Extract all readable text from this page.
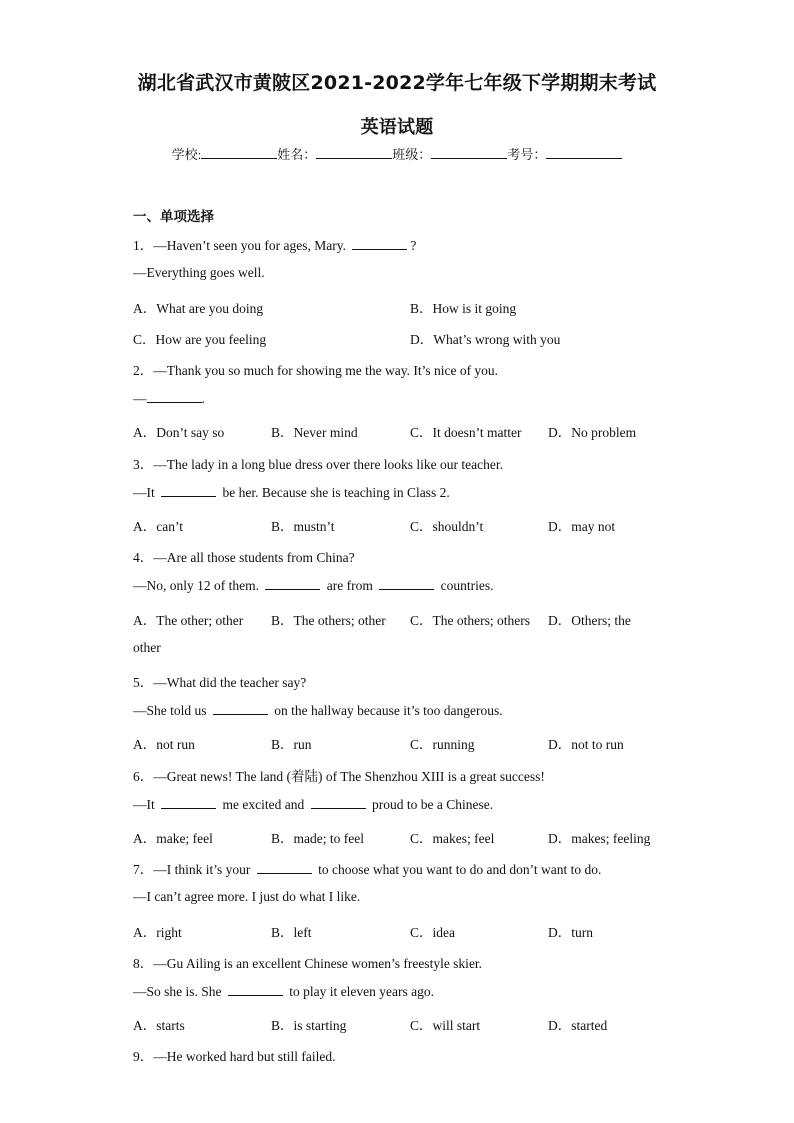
湖北省武汉市黄陂区2021-2022学年七年级下学期期末考试
英语试题
学校:	姓名：	班级：	考号：
一、单项选择
1．—Haven’t seen you for ages, Mary.	?
—Everything goes well.
A．What are you doing	B．How is it going
C．How are you feeling	D．What’s wrong with you
2．—Thank you so much for showing me the way. It’s nice of you.
—	.
A．Don’t say so	B．Never mind	C．It doesn’t matter D．No problem
3．—The lady in a long blue dress over there looks like our teacher.
—It	be her. Because she is teaching in Class 2.
A．can’t	B．mustn’t	C．shouldn’t	D．may not
4．—Are all those students from China?
—No, only 12 of them.	are from	countries.
A．The other; other B．The others; other C．The others; others D．Others; the
other
5．—What did the teacher say?
—She told us	on the hallway because it’s too dangerous.
A．not run	B．run	C．running	D．not to run
6．—Great news! The land (着陆) of The Shenzhou XIII is a great success!
—It	me excited and	proud to be a Chinese.
A．make; feel	B．made; to feel	C．makes; feel	D．makes; feeling
7．—I think it’s your	to choose what you want to do and don’t want to do.
—I can’t agree more. I just do what I like.
A．right	B．left	C．idea	D．turn
8．—Gu Ailing is an excellent Chinese women’s freestyle skier.
—So she is. She	to play it eleven years ago.
A．starts	B．is starting	C．will start	D．started
9．—He worked hard but still failed.
